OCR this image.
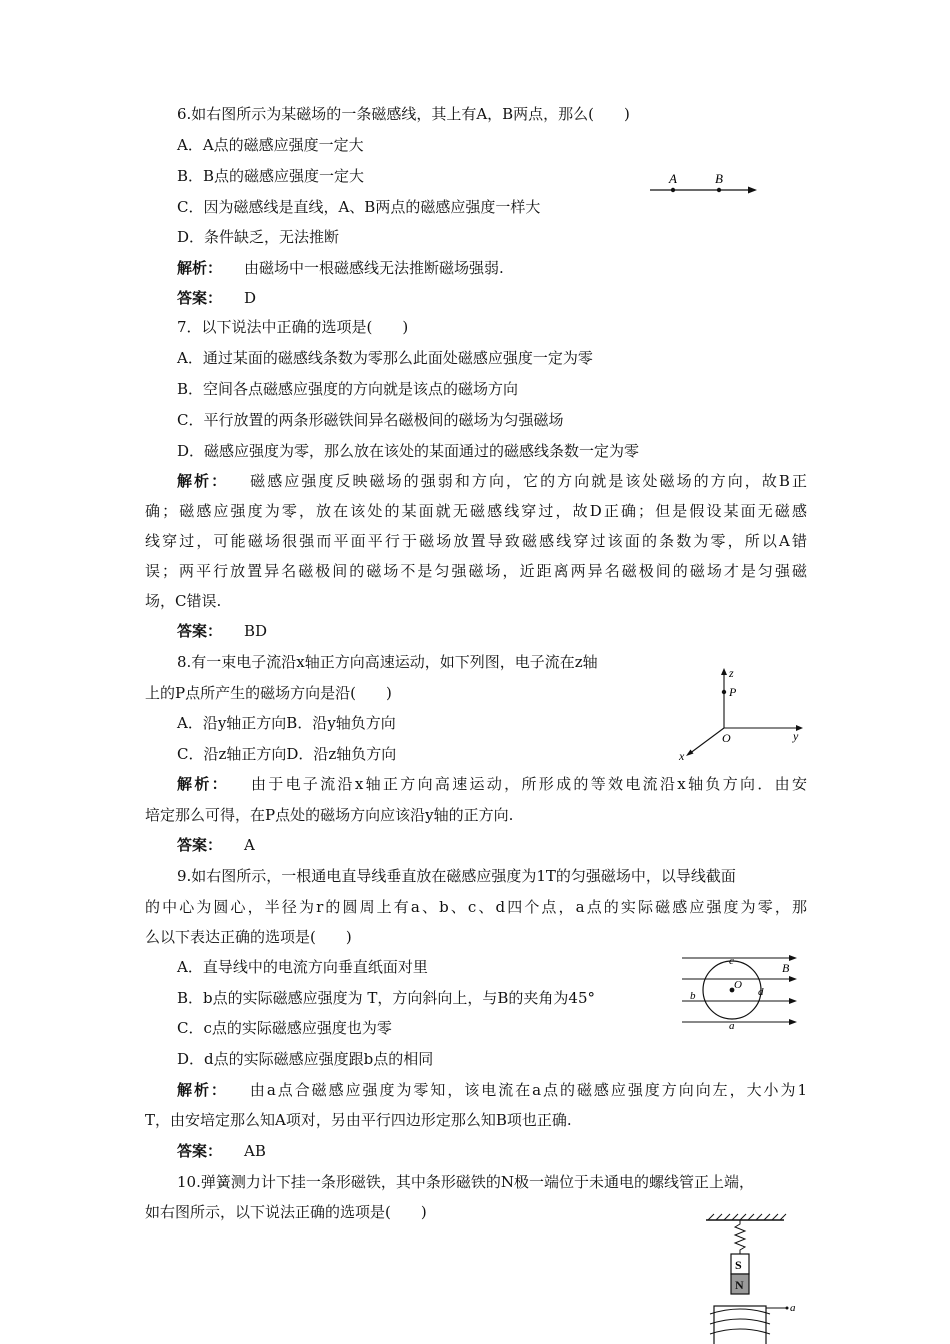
6.如右图所示为某磁场的一条磁感线，其上有A，B两点，那么(　　)
A．A点的磁感应强度一定大
B．B点的磁感应强度一定大
C．因为磁感线是直线，A、B两点的磁感应强度一样大
D．条件缺乏，无法推断
解析： 由磁场中一根磁感线无法推断磁场强弱.
答案： D
A	B
7．以下说法中正确的选项是(　　)
A．通过某面的磁感线条数为零那么此面处磁感应强度一定为零
B．空间各点磁感应强度的方向就是该点的磁场方向
C．平行放置的两条形磁铁间异名磁极间的磁场为匀强磁场
D．磁感应强度为零，那么放在该处的某面通过的磁感线条数一定为零
解析： 磁感应强度反映磁场的强弱和方向，它的方向就是该处磁场的方向，故B正
确；磁感应强度为零，放在该处的某面就无磁感线穿过，故D正确；但是假设某面无磁感
线穿过，可能磁场很强而平面平行于磁场放置导致磁感线穿过该面的条数为零，所以A错
误；两平行放置异名磁极间的磁场不是匀强磁场，近距离两异名磁极间的磁场才是匀强磁
场，C错误.
答案： BD
8.有一束电子流沿x轴正方向高速运动，如下列图，电子流在z轴
上的P点所产生的磁场方向是沿(　　)
A．沿y轴正方向B．沿y轴负方向
C．沿z轴正方向D．沿z轴负方向
解析： 由于电子流沿x轴正方向高速运动，所形成的等效电流沿x轴负方向．由安
培定那么可得，在P点处的磁场方向应该沿y轴的正方向.
答案： A
z
P
O	y
x
9.如右图所示，一根通电直导线垂直放在磁感应强度为1T的匀强磁场中，以导线截面
的中心为圆心，半径为r的圆周上有a、b、c、d四个点，a点的实际磁感应强度为零，那
么以下表达正确的选项是(　　)
A．直导线中的电流方向垂直纸面对里
B．b点的实际磁感应强度为 T，方向斜向上，与B的夹角为45°
C．c点的实际磁感应强度也为零
D．d点的实际磁感应强度跟b点的相同
解析： 由a点合磁感应强度为零知，该电流在a点的磁感应强度方向向左，大小为1
T，由安培定那么知A项对，另由平行四边形定那么知B项也正确.
答案： AB
c	B
b
O
d
a
10.弹簧测力计下挂一条形磁铁，其中条形磁铁的N极一端位于未通电的螺线管正上端，
如右图所示，以下说法正确的选项是(　　)
S
N
a
